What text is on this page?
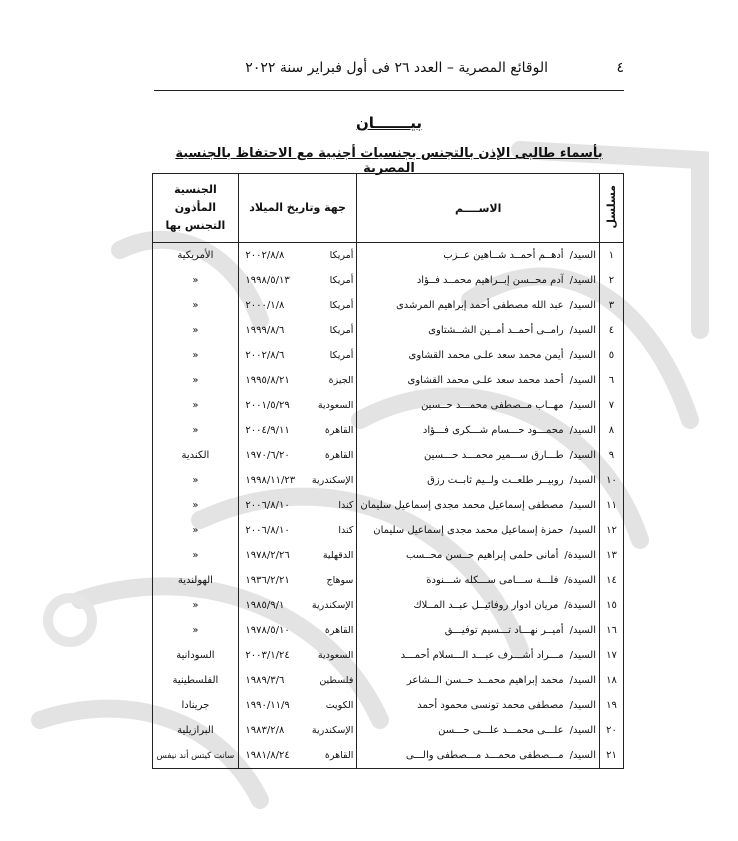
٤
الوقائع المصرية – العدد ٢٦ فى أول فبراير سنة ٢٠٢٢
بيـــــــان
بأسماء طالبى الإذن بالتجنس بجنسيات أجنبية مع الاحتفاظ بالجنسية المصرية
مسلسل	الاســــم	جهة وتاريخ الميلاد	الجنسية المأذون
التجنس بها

١	السيد/أدهــم أحمــد شــاهين عــزب	أمريكا٢٠٠٢/٨/٨	الأمريكية
٢	السيد/آدم محــسن إبــراهيم محمــد فــؤاد	أمريكا١٩٩٨/٥/١٣	«
٣	السيد/عبد الله مصطفى أحمد إبراهيم المرشدى	أمريكا٢٠٠٠/١/٨	«
٤	السيد/رامــى أحمــد أمــين الشــشتاوى	أمريكا١٩٩٩/٨/٦	«
٥	السيد/أيمن محمد سعد علـى محمد القشاوى	أمريكا٢٠٠٢/٨/٦	«
٦	السيد/أحمد محمد سعد علـى محمد القشاوى	الجيزة١٩٩٥/٨/٢١	«
٧	السيد/مهــاب مــصطفى محمـــد حــسين	السعودية٢٠٠١/٥/٢٩	«
٨	السيد/محمـــود حـــسام شـــكرى فـــؤاد	القاهرة٢٠٠٤/٩/١١	«
٩	السيد/طـــارق ســـمير محمـــد حـــسين	القاهرة١٩٧٠/٦/٢٠	الكندية
١٠	السيد/روبيــر طلعــت ولــيم ثابــت رزق	الإسكندرية١٩٩٨/١١/٢٣	«
١١	السيد/مصطفى إسماعيل محمد مجدى إسماعيل سليمان	كندا٢٠٠٦/٨/١٠	«
١٢	السيد/حمزة إسماعيل محمد مجدى إسماعيل سليمان	كندا٢٠٠٦/٨/١٠	«
١٣	السيدة/أمانى حلمى إبراهيم حــسن محــسب	الدقهلية١٩٧٨/٢/٢٦	«
١٤	السيدة/فلـــة ســـامى ســـكله شـــنودة	سوهاج١٩٣٦/٢/٢١	الهولندية
١٥	السيدة/مريان ادوار روفائيــل عبــد المــلاك	الإسكندرية١٩٨٥/٩/١	«
١٦	السيد/أميــر نهـــاد تـــسيم توفيـــق	القاهرة١٩٧٨/٥/١٠	«
١٧	السيد/مـــراد أشـــرف عبـــد الـــسلام أحمـــد	السعودية٢٠٠٣/١/٢٤	السودانية
١٨	السيد/محمد إبراهيم محمــد حــسن الــشاعر	فلسطين١٩٨٩/٣/٦	الفلسطينية
١٩	السيد/مصطفى محمد تونسى محمود أحمد	الكويت١٩٩٠/١١/٩	جرينادا
٢٠	السيد/علـــى محمـــد علـــى حـــسن	الإسكندرية١٩٨٣/٢/٨	البرازيلية
٢١	السيد/مـــصطفى محمـــد مـــصطفى والـــى	القاهرة١٩٨١/٨/٢٤	سانت كيتس أند نيفس
